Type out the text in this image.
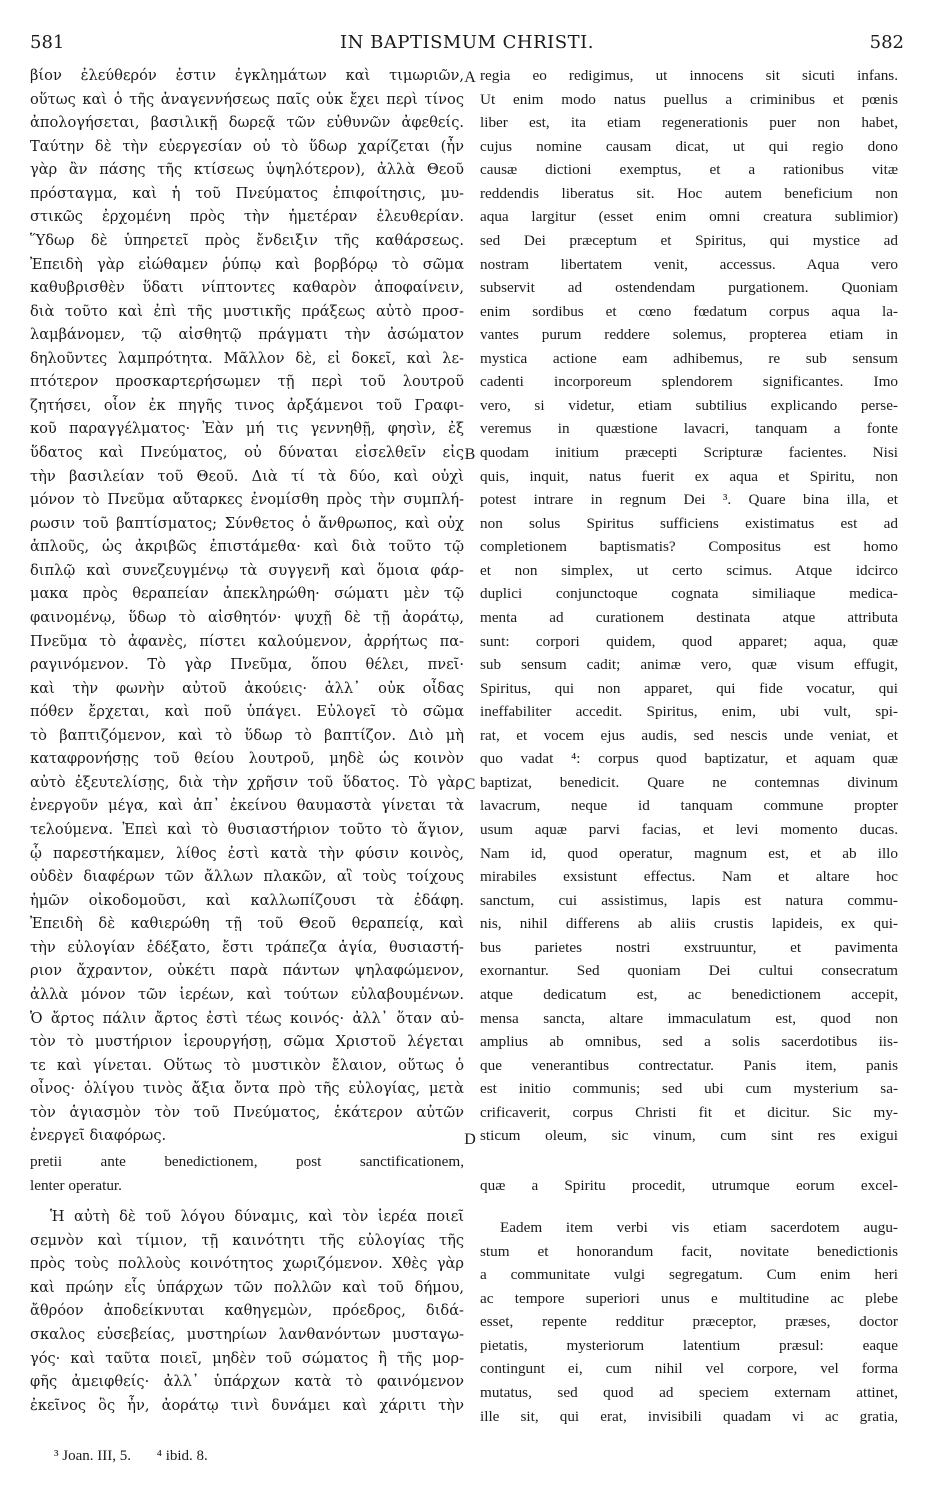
581	IN BAPTISMUM CHRISTI.	582
βίον ἐλεύθερόν ἐστιν ἐγκλημάτων καὶ τιμωριῶν,
οὕτως καὶ ὁ τῆς ἀναγεννήσεως παῖς οὐκ ἔχει περὶ τίνος
ἀπολογήσεται, βασιλικῇ δωρεᾷ τῶν εὐθυνῶν ἀφεθείς.
Ταύτην δὲ τὴν εὐεργεσίαν οὐ τὸ ὕδωρ χαρίζεται (ἦν
γὰρ ἂν πάσης τῆς κτίσεως ὑψηλότερον), ἀλλὰ Θεοῦ
πρόσταγμα, καὶ ἡ τοῦ Πνεύματος ἐπιφοίτησις, μυ-
στικῶς ἐρχομένη πρὸς τὴν ἡμετέραν ἐλευθερίαν.
Ὕδωρ δὲ ὑπηρετεῖ πρὸς ἔνδειξιν τῆς καθάρσεως.
Ἐπειδὴ γὰρ εἰώθαμεν ῥύπῳ καὶ βορβόρῳ τὸ σῶμα
καθυβρισθὲν ὕδατι νίπτοντες καθαρὸν ἀποφαίνειν,
διὰ τοῦτο καὶ ἐπὶ τῆς μυστικῆς πράξεως αὐτὸ προσ-
λαμβάνομεν, τῷ αἰσθητῷ πράγματι τὴν ἀσώματον
δηλοῦντες λαμπρότητα. Μᾶλλον δὲ, εἰ δοκεῖ, καὶ λε-
πτότερον προσκαρτερήσωμεν τῇ περὶ τοῦ λουτροῦ
ζητήσει, οἷον ἐκ πηγῆς τινος ἀρξάμενοι τοῦ Γραφι-
κοῦ παραγγέλματος· Ἐὰν μή τις γεννηθῇ, φησὶν, ἐξ
ὕδατος καὶ Πνεύματος, οὐ δύναται εἰσελθεῖν εἰς
τὴν βασιλείαν τοῦ Θεοῦ. Διὰ τί τὰ δύο, καὶ οὐχὶ
μόνον τὸ Πνεῦμα αὔταρκες ἐνομίσθη πρὸς τὴν συμπλή-
ρωσιν τοῦ βαπτίσματος; Σύνθετος ὁ ἄνθρωπος, καὶ οὐχ
ἁπλοῦς, ὡς ἀκριβῶς ἐπιστάμεθα· καὶ διὰ τοῦτο τῷ
διπλῷ καὶ συνεζευγμένῳ τὰ συγγενῆ καὶ ὅμοια φάρ-
μακα πρὸς θεραπείαν ἀπεκληρώθη· σώματι μὲν τῷ
φαινομένῳ, ὕδωρ τὸ αἰσθητόν· ψυχῇ δὲ τῇ ἀοράτῳ,
Πνεῦμα τὸ ἀφανὲς, πίστει καλούμενον, ἀρρήτως πα-
ραγινόμενον. Τὸ γὰρ Πνεῦμα, ὅπου θέλει, πνεῖ·
καὶ τὴν φωνὴν αὐτοῦ ἀκούεις· ἀλλ᾽ οὐκ οἶδας
πόθεν ἔρχεται, καὶ ποῦ ὑπάγει. Εὐλογεῖ τὸ σῶμα
τὸ βαπτιζόμενον, καὶ τὸ ὕδωρ τὸ βαπτίζον. Διὸ μὴ
καταφρονήσῃς τοῦ θείου λουτροῦ, μηδὲ ὡς κοινὸν
αὐτὸ ἐξευτελίσῃς, διὰ τὴν χρῆσιν τοῦ ὕδατος. Τὸ γὰρ
ἐνεργοῦν μέγα, καὶ ἀπ᾽ ἐκείνου θαυμαστὰ γίνεται τὰ
τελούμενα. Ἐπεὶ καὶ τὸ θυσιαστήριον τοῦτο τὸ ἅγιον,
ᾧ παρεστήκαμεν, λίθος ἐστὶ κατὰ τὴν φύσιν κοινὸς,
οὐδὲν διαφέρων τῶν ἄλλων πλακῶν, αἳ τοὺς τοίχους
ἡμῶν οἰκοδομοῦσι, καὶ καλλωπίζουσι τὰ ἐδάφη.
Ἐπειδὴ δὲ καθιερώθη τῇ τοῦ Θεοῦ θεραπείᾳ, καὶ
τὴν εὐλογίαν ἐδέξατο, ἔστι τράπεζα ἁγία, θυσιαστή-
ριον ἄχραντον, οὐκέτι παρὰ πάντων ψηλαφώμενον,
ἀλλὰ μόνον τῶν ἱερέων, καὶ τούτων εὐλαβουμένων.
Ὁ ἄρτος πάλιν ἄρτος ἐστὶ τέως κοινός· ἀλλ᾽ ὅταν αὐ-
τὸν τὸ μυστήριον ἱερουργήσῃ, σῶμα Χριστοῦ λέγεται
τε καὶ γίνεται. Οὕτως τὸ μυστικὸν ἔλαιον, οὕτως ὁ
οἶνος· ὀλίγου τινὸς ἄξια ὄντα πρὸ τῆς εὐλογίας, μετὰ
τὸν ἁγιασμὸν τὸν τοῦ Πνεύματος, ἑκάτερον αὐτῶν
ἐνεργεῖ διαφόρως.
regia eo redigimus, ut innocens sit sicuti infans.
Ut enim modo natus puellus a criminibus et pœnis
liber est, ita etiam regenerationis puer non habet,
cujus nomine causam dicat, ut qui regio dono
causæ dictioni exemptus, et a rationibus vitæ
reddendis liberatus sit. Hoc autem beneficium non
aqua largitur (esset enim omni creatura sublimior)
sed Dei præceptum et Spiritus, qui mystice ad
nostram libertatem venit, accessus. Aqua vero
subservit ad ostendendam purgationem. Quoniam
enim sordibus et cœno fœdatum corpus aqua la-
vantes purum reddere solemus, propterea etiam in
mystica actione eam adhibemus, re sub sensum
cadenti incorporeum splendorem significantes. Imo
vero, si videtur, etiam subtilius explicando perse-
veremus in quæstione lavacri, tanquam a fonte
quodam initium præcepti Scripturæ facientes. Nisi
quis, inquit, natus fuerit ex aqua et Spiritu, non
potest intrare in regnum Dei ³. Quare bina illa, et
non solus Spiritus sufficiens existimatus est ad
completionem baptismatis? Compositus est homo
et non simplex, ut certo scimus. Atque idcirco
duplici conjunctoque cognata similiaque medica-
menta ad curationem destinata atque attributa
sunt: corpori quidem, quod apparet; aqua, quæ
sub sensum cadit; animæ vero, quæ visum effugit,
Spiritus, qui non apparet, qui fide vocatur, qui
ineffabiliter accedit. Spiritus, enim, ubi vult, spi-
rat, et vocem ejus audis, sed nescis unde veniat, et
quo vadat ⁴: corpus quod baptizatur, et aquam quæ
baptizat, benedicit. Quare ne contemnas divinum
lavacrum, neque id tanquam commune propter
usum aquæ parvi facias, et levi momento ducas.
Nam id, quod operatur, magnum est, et ab illo
mirabiles exsistunt effectus. Nam et altare hoc
sanctum, cui assistimus, lapis est natura commu-
nis, nihil differens ab aliis crustis lapideis, ex qui-
bus parietes nostri exstruuntur, et pavimenta
exornantur. Sed quoniam Dei cultui consecratum
atque dedicatum est, ac benedictionem accepit,
mensa sancta, altare immaculatum est, quod non
amplius ab omnibus, sed a solis sacerdotibus iis-
que venerantibus contrectatur. Panis item, panis
est initio communis; sed ubi cum mysterium sa-
crificaverit, corpus Christi fit et dicitur. Sic my-
sticum oleum, sic vinum, cum sint res exigui
A
B
C
D
pretii ante benedictionem, post sanctificationem,
lenter operatur.
Ἡ αὐτὴ δὲ τοῦ λόγου δύναμις, καὶ τὸν ἱερέα ποιεῖ
σεμνὸν καὶ τίμιον, τῇ καινότητι τῆς εὐλογίας τῆς
πρὸς τοὺς πολλοὺς κοινότητος χωριζόμενον. Χθὲς γὰρ
καὶ πρώην εἷς ὑπάρχων τῶν πολλῶν καὶ τοῦ δήμου,
ἄθρόον ἀποδείκνυται καθηγεμὼν, πρόεδρος, διδά-
σκαλος εὐσεβείας, μυστηρίων λανθανόντων μυσταγω-
γός· καὶ ταῦτα ποιεῖ, μηδὲν τοῦ σώματος ἢ τῆς μορ-
φῆς ἀμειφθείς· ἀλλ᾽ ὑπάρχων κατὰ τὸ φαινόμενον
ἐκεῖνος ὃς ἦν, ἀοράτῳ τινὶ δυνάμει καὶ χάριτι τὴν
quæ a Spiritu procedit, utrumque eorum excel-
Eadem item verbi vis etiam sacerdotem augu-
stum et honorandum facit, novitate benedictionis
a communitate vulgi segregatum. Cum enim heri
ac tempore superiori unus e multitudine ac plebe
esset, repente redditur præceptor, præses, doctor
pietatis, mysteriorum latentium præsul: eaque
contingunt ei, cum nihil vel corpore, vel forma
mutatus, sed quod ad speciem externam attinet,
ille sit, qui erat, invisibili quadam vi ac gratia,
³ Joan. III, 5. ⁴ ibid. 8.
